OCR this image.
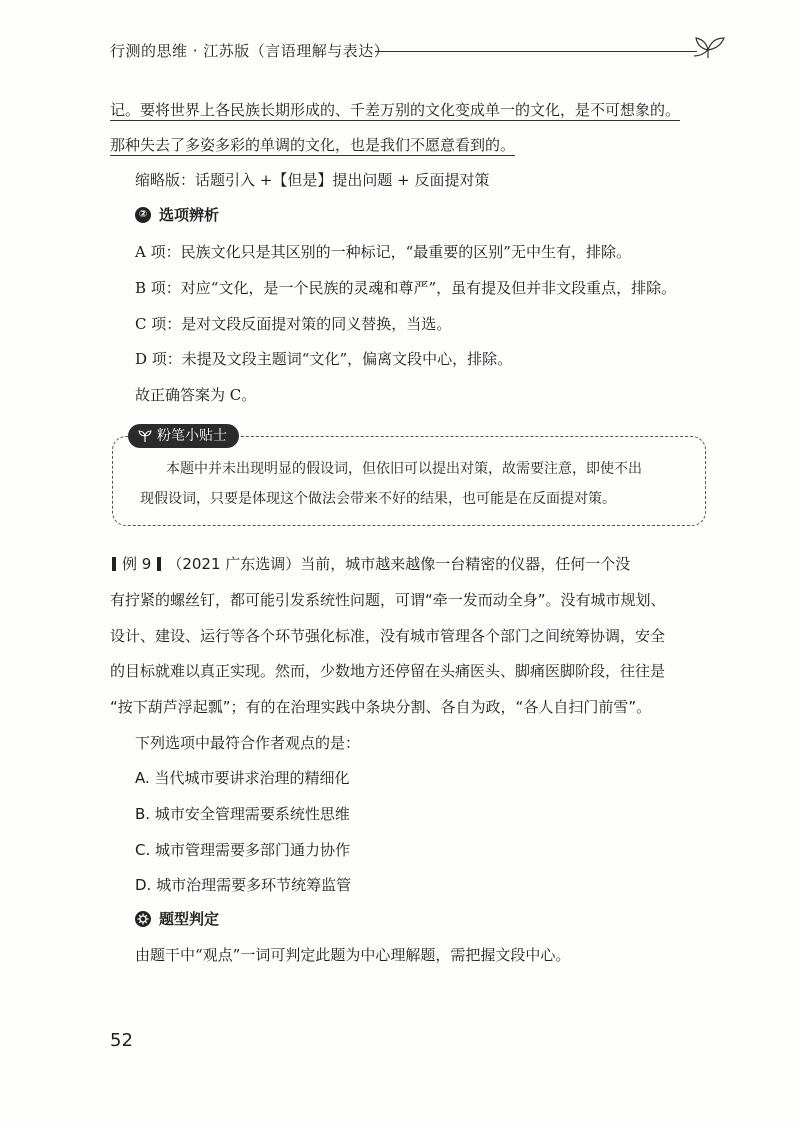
行测的思维 · 江苏版（言语理解与表达）
记。要将世界上各民族长期形成的、千差万别的文化变成单一的文化，是不可想象的。
那种失去了多姿多彩的单调的文化，也是我们不愿意看到的。
缩略版：话题引入 +【但是】提出问题 + 反面提对策
② 选项辨析
A 项：民族文化只是其区别的一种标记，“最重要的区别”无中生有，排除。
B 项：对应“文化，是一个民族的灵魂和尊严”，虽有提及但并非文段重点，排除。
C 项：是对文段反面提对策的同义替换，当选。
D 项：未提及文段主题词“文化”，偏离文段中心，排除。
故正确答案为 C。
粉笔小贴士
本题中并未出现明显的假设词，但依旧可以提出对策，故需要注意，即使不出
现假设词，只要是体现这个做法会带来不好的结果，也可能是在反面提对策。
例 9 （2021 广东选调）当前，城市越来越像一台精密的仪器，任何一个没
有拧紧的螺丝钉，都可能引发系统性问题，可谓“牵一发而动全身”。没有城市规划、
设计、建设、运行等各个环节强化标准，没有城市管理各个部门之间统筹协调，安全
的目标就难以真正实现。然而，少数地方还停留在头痛医头、脚痛医脚阶段，往往是
“按下葫芦浮起瓢”；有的在治理实践中条块分割、各自为政，“各人自扫门前雪”。
下列选项中最符合作者观点的是：
A. 当代城市要讲求治理的精细化
B. 城市安全管理需要系统性思维
C. 城市管理需要多部门通力协作
D. 城市治理需要多环节统筹监管
题型判定
由题干中“观点”一词可判定此题为中心理解题，需把握文段中心。
52
